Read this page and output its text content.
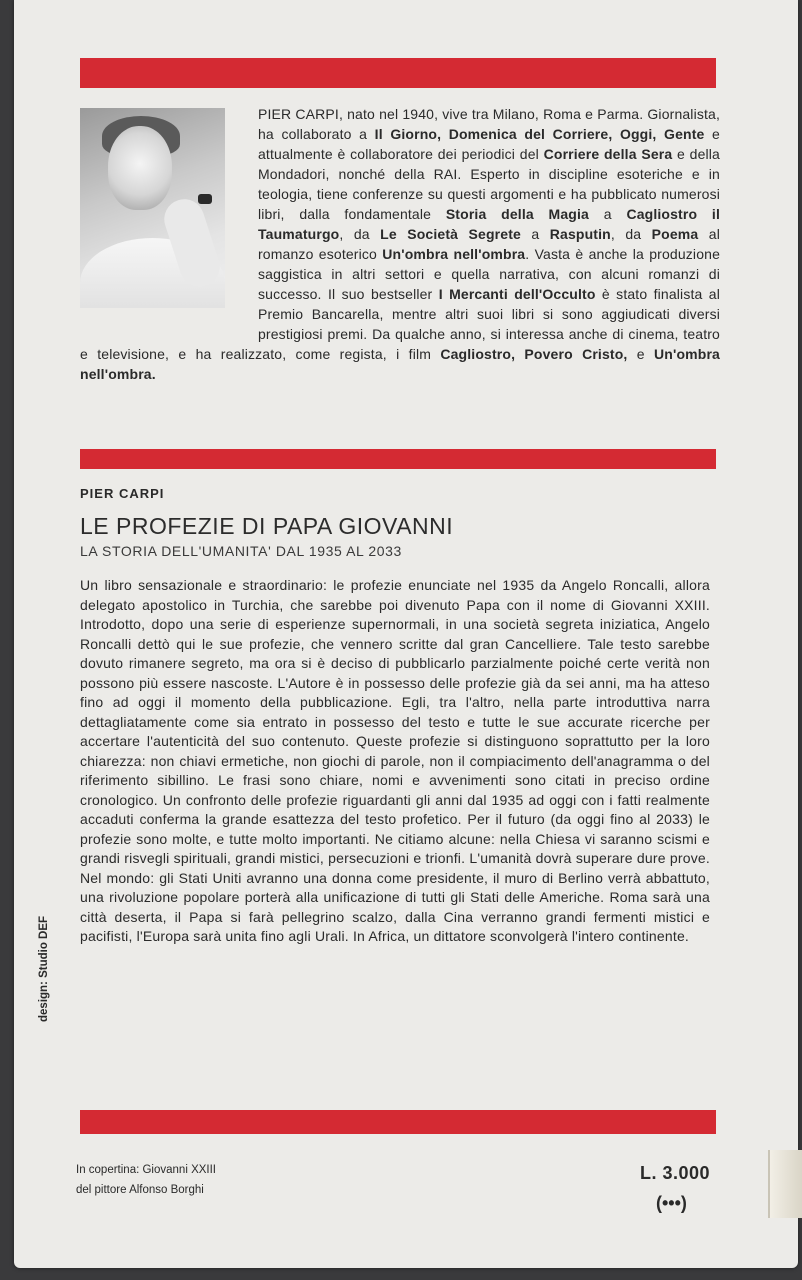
PIER CARPI, nato nel 1940, vive tra Milano, Roma e Parma. Giornalista, ha collaborato a Il Giorno, Domenica del Corriere, Oggi, Gente e attualmente è collaboratore dei periodici del Corriere della Sera e della Mondadori, nonché della RAI. Esperto in discipline esoteriche e in teologia, tiene conferenze su questi argomenti e ha pubblicato numerosi libri, dalla fondamentale Storia della Magia a Cagliostro il Taumaturgo, da Le Società Segrete a Rasputin, da Poema al romanzo esoterico Un'ombra nell'ombra. Vasta è anche la produzione saggistica in altri settori e quella narrativa, con alcuni romanzi di successo. Il suo bestseller I Mercanti dell'Occulto è stato finalista al Premio Bancarella, mentre altri suoi libri si sono aggiudicati diversi prestigiosi premi. Da qualche anno, si interessa anche di cinema, teatro e televisione, e ha realizzato, come regista, i film Cagliostro, Povero Cristo, e Un'ombra nell'ombra.

PIER CARPI
LE PROFEZIE DI PAPA GIOVANNI
LA STORIA DELL'UMANITA' DAL 1935 AL 2033

Un libro sensazionale e straordinario: le profezie enunciate nel 1935 da Angelo Roncalli, allora delegato apostolico in Turchia, che sarebbe poi divenuto Papa con il nome di Giovanni XXIII. Introdotto, dopo una serie di esperienze supernormali, in una società segreta iniziatica, Angelo Roncalli dettò qui le sue profezie, che vennero scritte dal gran Cancelliere. Tale testo sarebbe dovuto rimanere segreto, ma ora si è deciso di pubblicarlo parzialmente poiché certe verità non possono più essere nascoste. L'Autore è in possesso delle profezie già da sei anni, ma ha atteso fino ad oggi il momento della pubblicazione. Egli, tra l'altro, nella parte introduttiva narra dettagliatamente come sia entrato in possesso del testo e tutte le sue accurate ricerche per accertare l'autenticità del suo contenuto. Queste profezie si distinguono soprattutto per la loro chiarezza: non chiavi ermetiche, non giochi di parole, non il compiacimento dell'anagramma o del riferimento sibillino. Le frasi sono chiare, nomi e avvenimenti sono citati in preciso ordine cronologico. Un confronto delle profezie riguardanti gli anni dal 1935 ad oggi con i fatti realmente accaduti conferma la grande esattezza del testo profetico. Per il futuro (da oggi fino al 2033) le profezie sono molte, e tutte molto importanti. Ne citiamo alcune: nella Chiesa vi saranno scismi e grandi risvegli spirituali, grandi mistici, persecuzioni e trionfi. L'umanità dovrà superare dure prove. Nel mondo: gli Stati Uniti avranno una donna come presidente, il muro di Berlino verrà abbattuto, una rivoluzione popolare porterà alla unificazione di tutti gli Stati delle Americhe. Roma sarà una città deserta, il Papa si farà pellegrino scalzo, dalla Cina verranno grandi fermenti mistici e pacifisti, l'Europa sarà unita fino agli Urali. In Africa, un dittatore sconvolgerà l'intero continente.

In copertina: Giovanni XXIII
del pittore Alfonso Borghi
L. 3.000
(•••)
design: Studio DEF
